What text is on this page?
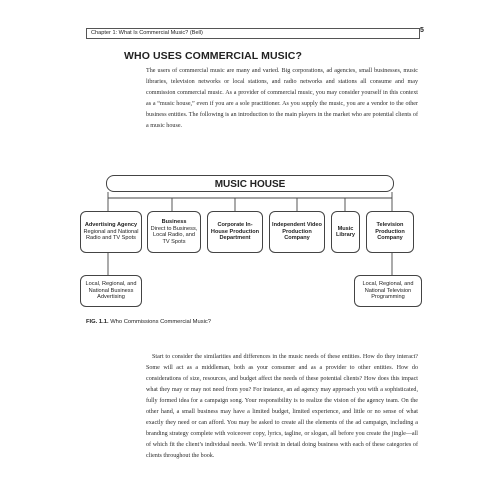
Chapter 1: What Is Commercial Music? (Bell)	5
WHO USES COMMERCIAL MUSIC?

The users of commercial music are many and varied. Big corporations, ad agencies, small businesses, music libraries, television networks or local stations, and radio networks and stations all consume and may commission commercial music. As a provider of commercial music, you may consider yourself in this context as a “music house,” even if you are a sole practitioner. As you supply the music, you are a vendor to the other business entities. The following is an introduction to the main players in the market who are potential clients of a music house.

MUSIC HOUSE
Advertising Agency
Regional and National Radio and TV Spots
Business
Direct to Business, Local Radio, and TV Spots
Corporate In-House Production Department
Independent Video Production Company
Music Library
Television Production Company
Local, Regional, and National Business Advertising
Local, Regional, and National Television Programming

FIG. 1.1. Who Commissions Commercial Music?

Start to consider the similarities and differences in the music needs of these entities. How do they interact? Some will act as a middleman, both as your consumer and as a provider to other entities. How do considerations of size, resources, and budget affect the needs of these potential clients? How does this impact what they may or may not need from you? For instance, an ad agency may approach you with a sophisticated, fully formed idea for a campaign song. Your responsibility is to realize the vision of the agency team. On the other hand, a small business may have a limited budget, limited experience, and little or no sense of what exactly they need or can afford. You may be asked to create all the elements of the ad campaign, including a branding strategy complete with voiceover copy, lyrics, tagline, or slogan, all before you create the jingle—all of which fit the client’s individual needs. We’ll revisit in detail doing business with each of these categories of clients throughout the book.
